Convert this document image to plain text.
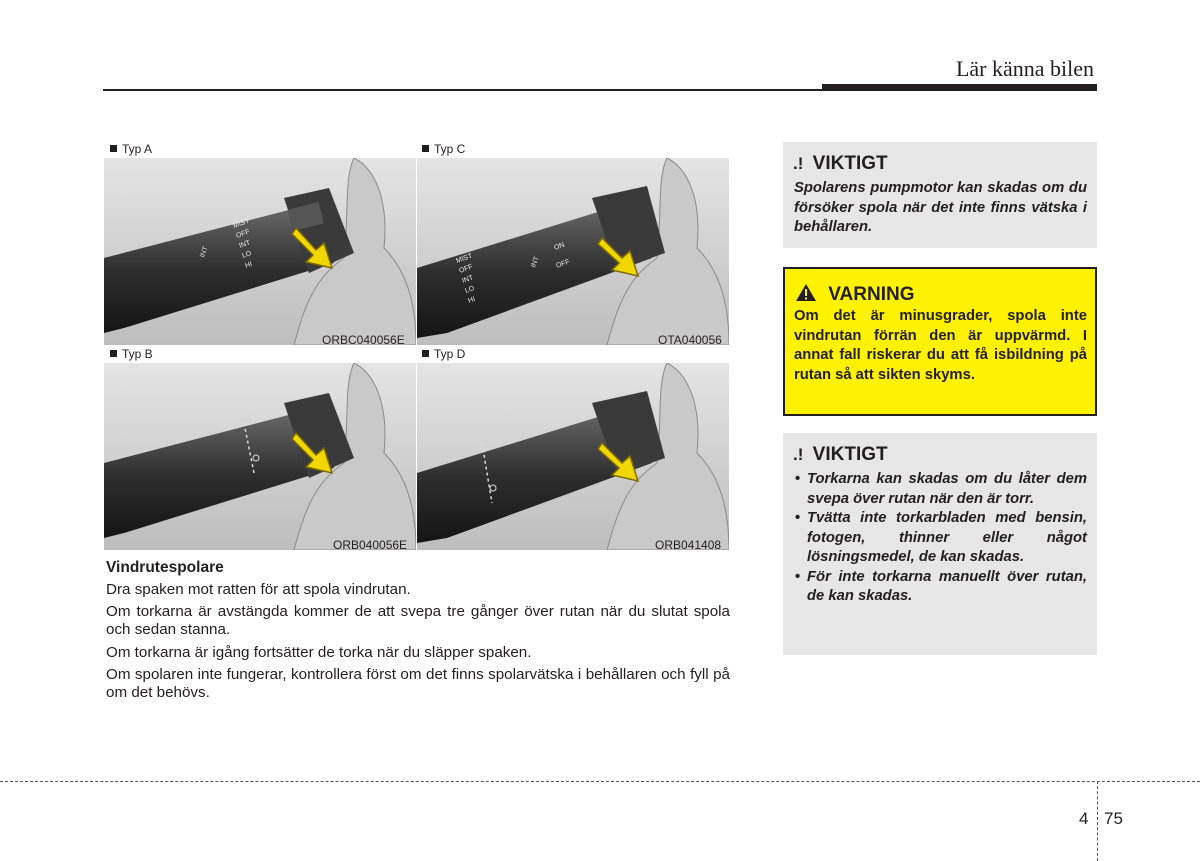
Lär känna bilen
Typ A	Typ C
Typ B	Typ D
MIST
OFF
INT
LO
HI
INT
ORBC040056E
MIST
OFF
INT
LO
HI
ON
OFF
INT
OTA040056
ORB040056E	ORB041408
Vindrutespolare
Dra spaken mot ratten för att spola vindrutan.
Om torkarna är avstängda kommer de att svepa tre gånger över rutan när du slutat spola och sedan stanna.
Om torkarna är igång fortsätter de torka när du släpper spaken.
Om spolaren inte fungerar, kontrollera först om det finns spolarvätska i behållaren och fyll på om det behövs.
.! VIKTIGT
Spolarens pumpmotor kan skadas om du försöker spola när det inte finns vätska i behållaren.
VARNING
Om det är minusgrader, spola inte vindrutan förrän den är uppvärmd. I annat fall riskerar du att få isbildning på rutan så att sikten skyms.
.! VIKTIGT
• Torkarna kan skadas om du låter dem svepa över rutan när den är torr.
• Tvätta inte torkarbladen med bensin, fotogen, thinner eller något lösningsmedel, de kan skadas.
• För inte torkarna manuellt över rutan, de kan skadas.
4 75
